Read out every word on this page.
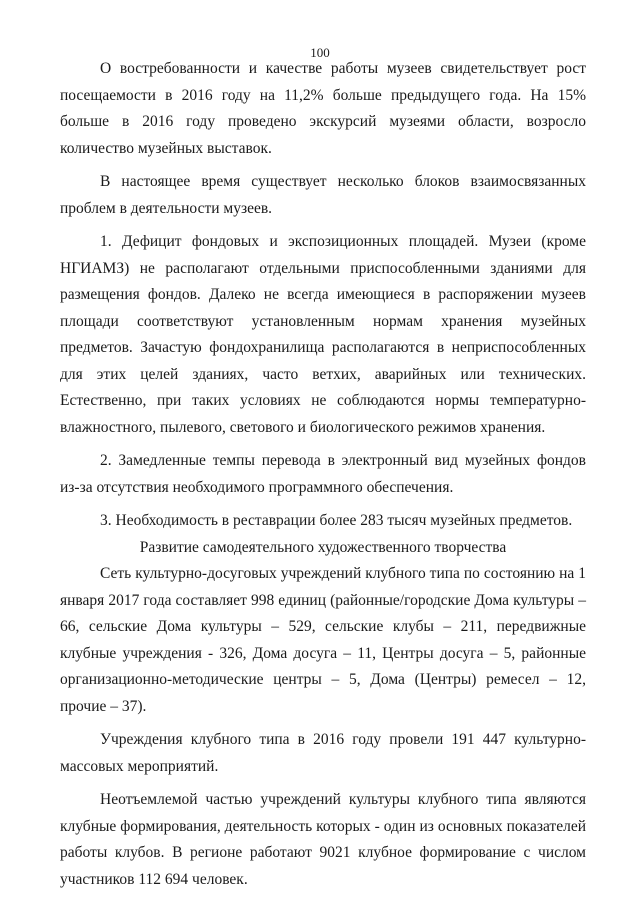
100

О востребованности и качестве работы музеев свидетельствует рост посещаемости в 2016 году на 11,2% больше предыдущего года. На 15% больше в 2016 году проведено экскурсий музеями области, возросло количество музейных выставок.

В настоящее время существует несколько блоков взаимосвязанных проблем в деятельности музеев.

1. Дефицит фондовых и экспозиционных площадей. Музеи (кроме НГИАМЗ) не располагают отдельными приспособленными зданиями для размещения фондов. Далеко не всегда имеющиеся в распоряжении музеев площади соответствуют установленным нормам хранения музейных предметов. Зачастую фондохранилища располагаются в неприспособленных для этих целей зданиях, часто ветхих, аварийных или технических. Естественно, при таких условиях не соблюдаются нормы температурно-влажностного, пылевого, светового и биологического режимов хранения.

2. Замедленные темпы перевода в электронный вид музейных фондов из-за отсутствия необходимого программного обеспечения.

3. Необходимость в реставрации более 283 тысяч музейных предметов.

Развитие самодеятельного художественного творчества

Сеть культурно-досуговых учреждений клубного типа по состоянию на 1 января 2017 года составляет 998 единиц (районные/городские Дома культуры – 66, сельские Дома культуры – 529, сельские клубы – 211, передвижные клубные учреждения - 326, Дома досуга – 11, Центры досуга – 5, районные организационно-методические центры – 5, Дома (Центры) ремесел – 12, прочие – 37).

Учреждения клубного типа в 2016 году провели 191 447 культурно-массовых мероприятий.

Неотъемлемой частью учреждений культуры клубного типа являются клубные формирования, деятельность которых - один из основных показателей работы клубов. В регионе работают 9021 клубное формирование с числом участников 112 694 человек.
